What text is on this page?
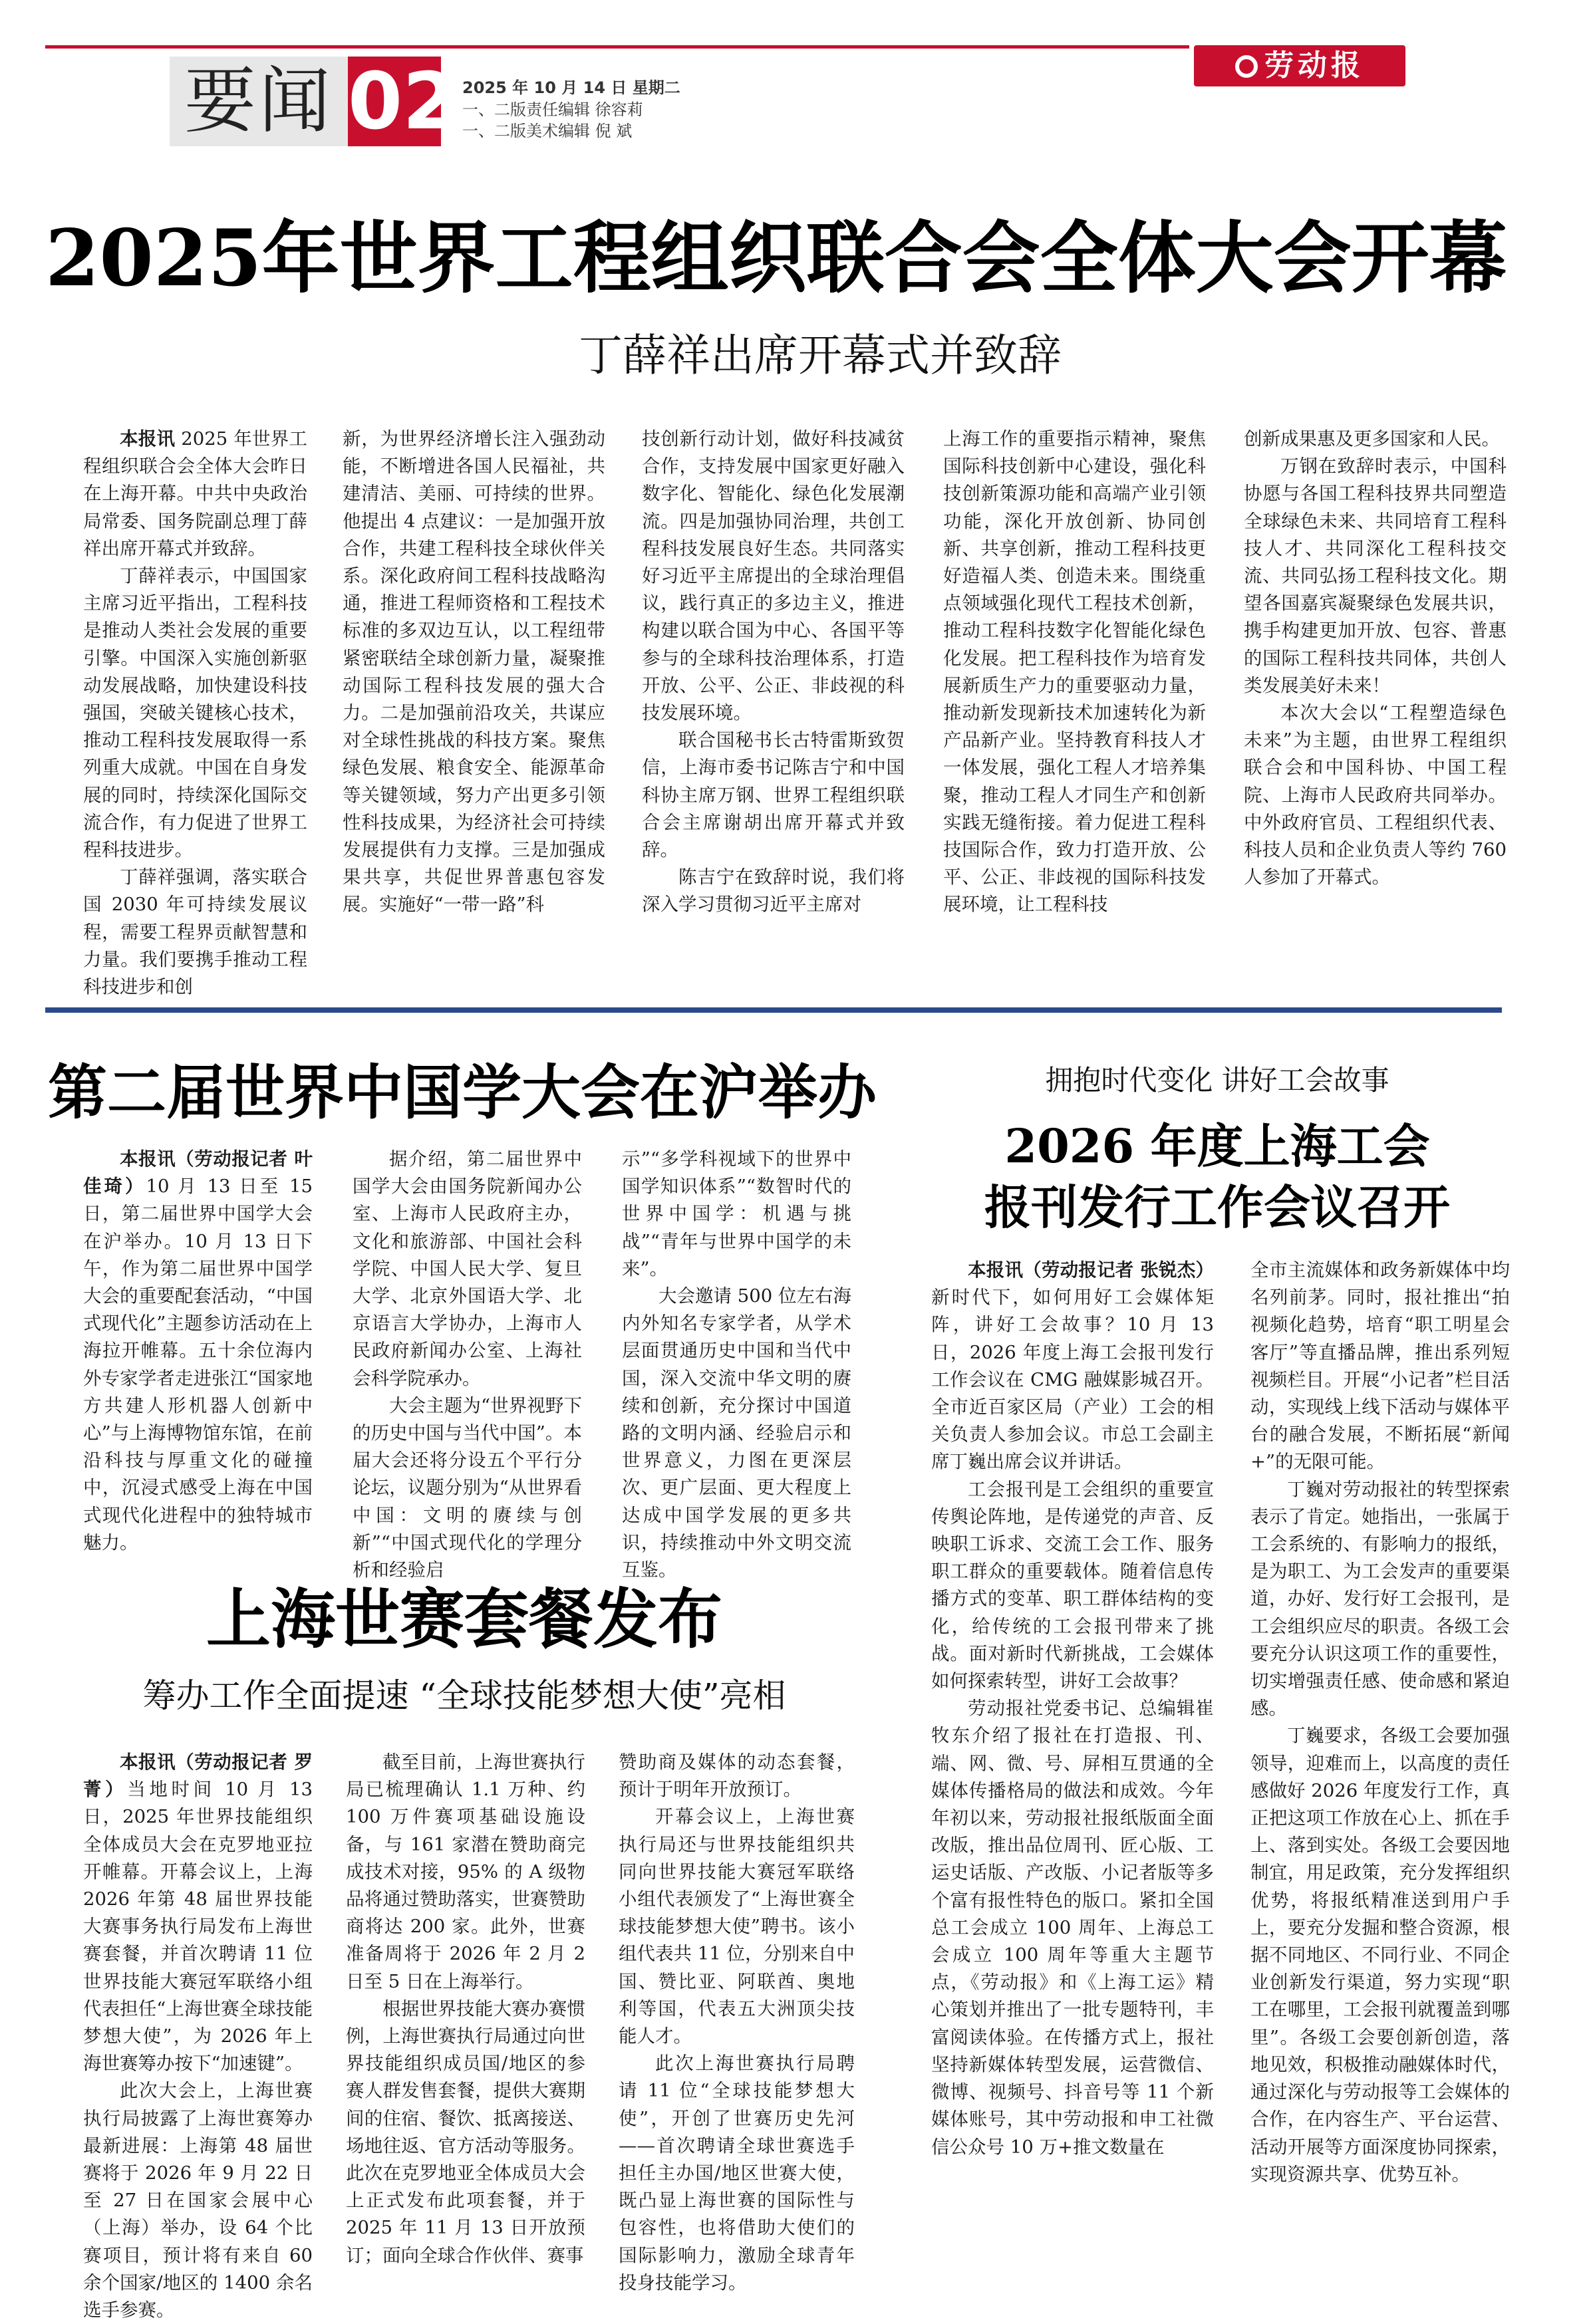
要闻 02 2025 年 10 月 14 日 星期二
一、二版责任编辑 徐容莉
一、二版美术编辑 倪 斌
劳动报
2025年世界工程组织联合会全体大会开幕
丁薛祥出席开幕式并致辞

本报讯 2025 年世界工程组织联合会全体大会昨日在上海开幕。中共中央政治局常委、国务院副总理丁薛祥出席开幕式并致辞。

丁薛祥表示，中国国家主席习近平指出，工程科技是推动人类社会发展的重要引擎。中国深入实施创新驱动发展战略，加快建设科技强国，突破关键核心技术，推动工程科技发展取得一系列重大成就。中国在自身发展的同时，持续深化国际交流合作，有力促进了世界工程科技进步。

丁薛祥强调，落实联合国 2030 年可持续发展议程，需要工程界贡献智慧和力量。我们要携手推动工程科技进步和创

新，为世界经济增长注入强劲动能，不断增进各国人民福祉，共建清洁、美丽、可持续的世界。他提出 4 点建议：一是加强开放合作，共建工程科技全球伙伴关系。深化政府间工程科技战略沟通，推进工程师资格和工程技术标准的多双边互认，以工程纽带紧密联结全球创新力量，凝聚推动国际工程科技发展的强大合力。二是加强前沿攻关，共谋应对全球性挑战的科技方案。聚焦绿色发展、粮食安全、能源革命等关键领域，努力产出更多引领性科技成果，为经济社会可持续发展提供有力支撑。三是加强成果共享，共促世界普惠包容发展。实施好“一带一路”科

技创新行动计划，做好科技减贫合作，支持发展中国家更好融入数字化、智能化、绿色化发展潮流。四是加强协同治理，共创工程科技发展良好生态。共同落实好习近平主席提出的全球治理倡议，践行真正的多边主义，推进构建以联合国为中心、各国平等参与的全球科技治理体系，打造开放、公平、公正、非歧视的科技发展环境。

联合国秘书长古特雷斯致贺信，上海市委书记陈吉宁和中国科协主席万钢、世界工程组织联合会主席谢胡出席开幕式并致辞。

陈吉宁在致辞时说，我们将深入学习贯彻习近平主席对

上海工作的重要指示精神，聚焦国际科技创新中心建设，强化科技创新策源功能和高端产业引领功能，深化开放创新、协同创新、共享创新，推动工程科技更好造福人类、创造未来。围绕重点领域强化现代工程技术创新，推动工程科技数字化智能化绿色化发展。把工程科技作为培育发展新质生产力的重要驱动力量，推动新发现新技术加速转化为新产品新产业。坚持教育科技人才一体发展，强化工程人才培养集聚，推动工程人才同生产和创新实践无缝衔接。着力促进工程科技国际合作，致力打造开放、公平、公正、非歧视的国际科技发展环境，让工程科技

创新成果惠及更多国家和人民。

万钢在致辞时表示，中国科协愿与各国工程科技界共同塑造全球绿色未来、共同培育工程科技人才、共同深化工程科技交流、共同弘扬工程科技文化。期望各国嘉宾凝聚绿色发展共识，携手构建更加开放、包容、普惠的国际工程科技共同体，共创人类发展美好未来！

本次大会以“工程塑造绿色未来”为主题，由世界工程组织联合会和中国科协、中国工程院、上海市人民政府共同举办。中外政府官员、工程组织代表、科技人员和企业负责人等约 760 人参加了开幕式。

第二届世界中国学大会在沪举办

本报讯（劳动报记者 叶佳琦）10 月 13 日至 15 日，第二届世界中国学大会在沪举办。10 月 13 日下午，作为第二届世界中国学大会的重要配套活动，“中国式现代化”主题参访活动在上海拉开帷幕。五十余位海内外专家学者走进张江“国家地方共建人形机器人创新中心”与上海博物馆东馆，在前沿科技与厚重文化的碰撞中，沉浸式感受上海在中国式现代化进程中的独特城市魅力。

据介绍，第二届世界中国学大会由国务院新闻办公室、上海市人民政府主办，文化和旅游部、中国社会科学院、中国人民大学、复旦大学、北京外国语大学、北京语言大学协办，上海市人民政府新闻办公室、上海社会科学院承办。

大会主题为“世界视野下的历史中国与当代中国”。本届大会还将分设五个平行分论坛，议题分别为“从世界看中国：文明的赓续与创新”“中国式现代化的学理分析和经验启

示”“多学科视域下的世界中国学知识体系”“数智时代的世界中国学：机遇与挑战”“青年与世界中国学的未来”。

大会邀请 500 位左右海内外知名专家学者，从学术层面贯通历史中国和当代中国，深入交流中华文明的赓续和创新，充分探讨中国道路的文明内涵、经验启示和世界意义，力图在更深层次、更广层面、更大程度上达成中国学发展的更多共识，持续推动中外文明交流互鉴。

上海世赛套餐发布
筹办工作全面提速 “全球技能梦想大使”亮相

本报讯（劳动报记者 罗菁）当地时间 10 月 13 日，2025 年世界技能组织全体成员大会在克罗地亚拉开帷幕。开幕会议上，上海 2026 年第 48 届世界技能大赛事务执行局发布上海世赛套餐，并首次聘请 11 位世界技能大赛冠军联络小组代表担任“上海世赛全球技能梦想大使”，为 2026 年上海世赛筹办按下“加速键”。

此次大会上，上海世赛执行局披露了上海世赛筹办最新进展：上海第 48 届世赛将于 2026 年 9 月 22 日至 27 日在国家会展中心（上海）举办，设 64 个比赛项目，预计将有来自 60 余个国家/地区的 1400 余名选手参赛。

截至目前，上海世赛执行局已梳理确认 1.1 万种、约 100 万件赛项基础设施设备，与 161 家潜在赞助商完成技术对接，95% 的 A 级物品将通过赞助落实，世赛赞助商将达 200 家。此外，世赛准备周将于 2026 年 2 月 2 日至 5 日在上海举行。

根据世界技能大赛办赛惯例，上海世赛执行局通过向世界技能组织成员国/地区的参赛人群发售套餐，提供大赛期间的住宿、餐饮、抵离接送、场地往返、官方活动等服务。此次在克罗地亚全体成员大会上正式发布此项套餐，并于 2025 年 11 月 13 日开放预订；面向全球合作伙伴、赛事

赞助商及媒体的动态套餐，预计于明年开放预订。

开幕会议上，上海世赛执行局还与世界技能组织共同向世界技能大赛冠军联络小组代表颁发了“上海世赛全球技能梦想大使”聘书。该小组代表共 11 位，分别来自中国、赞比亚、阿联酋、奥地利等国，代表五大洲顶尖技能人才。

此次上海世赛执行局聘请 11 位“全球技能梦想大使”，开创了世赛历史先河——首次聘请全球世赛选手担任主办国/地区世赛大使，既凸显上海世赛的国际性与包容性，也将借助大使们的国际影响力，激励全球青年投身技能学习。

拥抱时代变化 讲好工会故事
2026 年度上海工会
报刊发行工作会议召开

本报讯（劳动报记者 张锐杰）新时代下，如何用好工会媒体矩阵，讲好工会故事？10 月 13 日，2026 年度上海工会报刊发行工作会议在 CMG 融媒影城召开。全市近百家区局（产业）工会的相关负责人参加会议。市总工会副主席丁巍出席会议并讲话。

工会报刊是工会组织的重要宣传舆论阵地，是传递党的声音、反映职工诉求、交流工会工作、服务职工群众的重要载体。随着信息传播方式的变革、职工群体结构的变化，给传统的工会报刊带来了挑战。面对新时代新挑战，工会媒体如何探索转型，讲好工会故事？

劳动报社党委书记、总编辑崔牧东介绍了报社在打造报、刊、端、网、微、号、屏相互贯通的全媒体传播格局的做法和成效。今年年初以来，劳动报社报纸版面全面改版，推出品位周刊、匠心版、工运史话版、产改版、小记者版等多个富有报性特色的版口。紧扣全国总工会成立 100 周年、上海总工会成立 100 周年等重大主题节点，《劳动报》和《上海工运》精心策划并推出了一批专题特刊，丰富阅读体验。在传播方式上，报社坚持新媒体转型发展，运营微信、微博、视频号、抖音号等 11 个新媒体账号，其中劳动报和申工社微信公众号 10 万+推文数量在

全市主流媒体和政务新媒体中均名列前茅。同时，报社推出“拍视频化趋势，培育“职工明星会客厅”等直播品牌，推出系列短视频栏目。开展“小记者”栏目活动，实现线上线下活动与媒体平台的融合发展，不断拓展“新闻+”的无限可能。

丁巍对劳动报社的转型探索表示了肯定。她指出，一张属于工会系统的、有影响力的报纸，是为职工、为工会发声的重要渠道，办好、发行好工会报刊，是工会组织应尽的职责。各级工会要充分认识这项工作的重要性，切实增强责任感、使命感和紧迫感。

丁巍要求，各级工会要加强领导，迎难而上，以高度的责任感做好 2026 年度发行工作，真正把这项工作放在心上、抓在手上、落到实处。各级工会要因地制宜，用足政策，充分发挥组织优势，将报纸精准送到用户手上，要充分发掘和整合资源，根据不同地区、不同行业、不同企业创新发行渠道，努力实现“职工在哪里，工会报刊就覆盖到哪里”。各级工会要创新创造，落地见效，积极推动融媒体时代，通过深化与劳动报等工会媒体的合作，在内容生产、平台运营、活动开展等方面深度协同探索，实现资源共享、优势互补。
